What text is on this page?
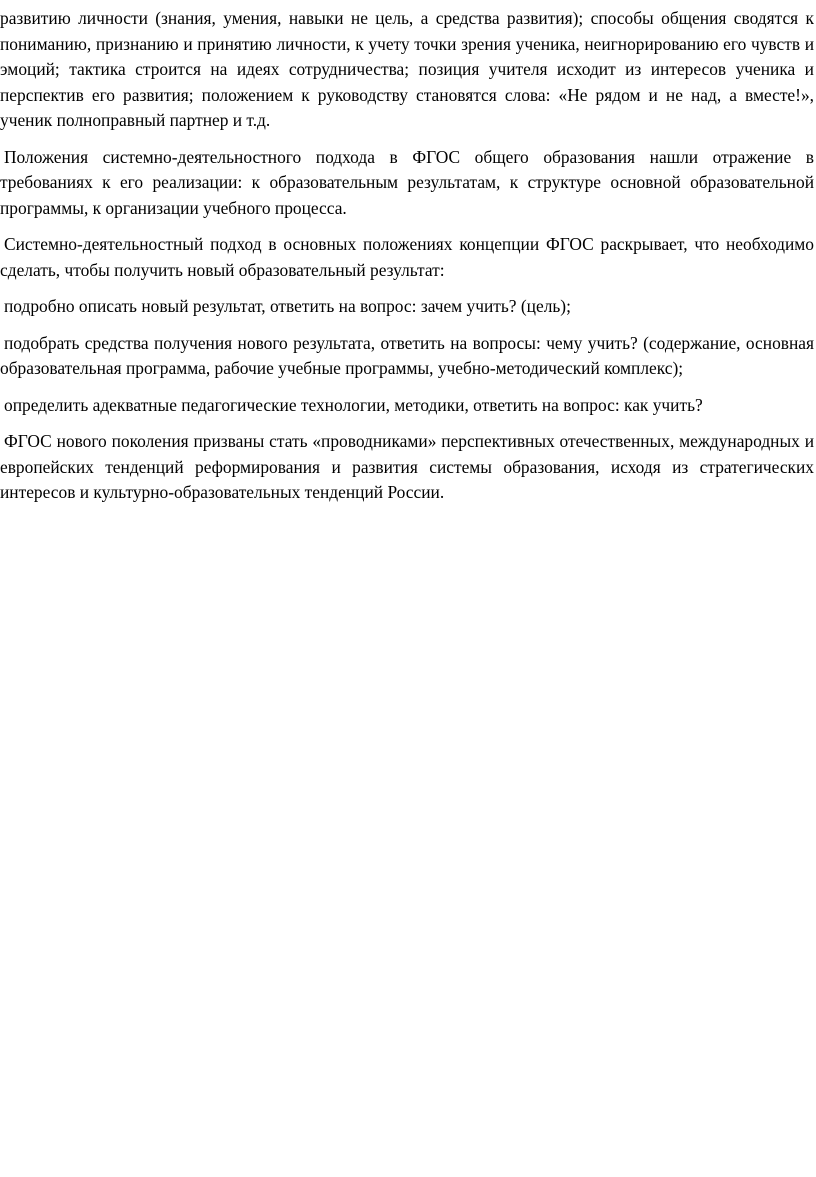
развитию личности (знания, умения, навыки не цель, а средства развития); способы общения сводятся к пониманию, признанию и принятию личности, к учету точки зрения ученика, неигнорированию его чувств и эмоций; тактика строится на идеях сотрудничества; позиция учителя исходит из интересов ученика и перспектив его развития; положением к руководству становятся слова: «Не рядом и не над, а вместе!», ученик полноправный партнер и т.д.

Положения системно-деятельностного подхода в ФГОС общего образования нашли отражение в требованиях к его реализации: к образовательным результатам, к структуре основной образовательной программы, к организации учебного процесса.

Системно-деятельностный подход в основных положениях концепции ФГОС раскрывает, что необходимо сделать, чтобы получить новый образовательный результат:

подробно описать новый результат, ответить на вопрос: зачем учить? (цель);

подобрать средства получения нового результата, ответить на вопросы: чему учить? (содержание, основная образовательная программа, рабочие учебные программы, учебно-методический комплекс);

определить адекватные педагогические технологии, методики, ответить на вопрос: как учить?

ФГОС нового поколения призваны стать «проводниками» перспективных отечественных, международных и европейских тенденций реформирования и развития системы образования, исходя из стратегических интересов и культурно-образовательных тенденций России.
